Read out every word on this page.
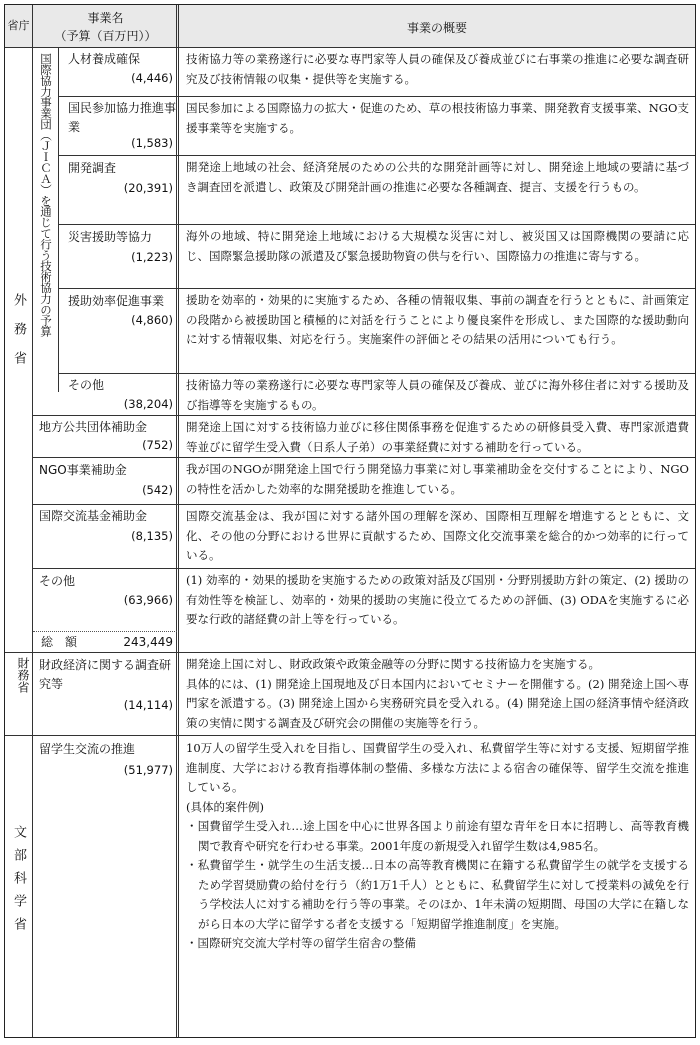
省庁
事業名
（予算（百万円））
事業の概要
外務省
国際協力事業団（ＪＩＣＡ）を通じて行う技術協力の予算	人材養成確保
(4,446)
技術協力等の業務遂行に必要な専門家等人員の確保及び養成並びに右事業の推進に必要な調査研究及び技術情報の収集・提供等を実施する。
国民参加協力推進事業
(1,583)
国民参加による国際協力の拡大・促進のため、草の根技術協力事業、開発教育支援事業、NGO支援事業等を実施する。
開発調査
(20,391)
開発途上地域の社会、経済発展のための公共的な開発計画等に対し、開発途上地域の要請に基づき調査団を派遣し、政策及び開発計画の推進に必要な各種調査、提言、支援を行うもの。
災害援助等協力
(1,223)
海外の地域、特に開発途上地域における大規模な災害に対し、被災国又は国際機関の要請に応じ、国際緊急援助隊の派遣及び緊急援助物資の供与を行い、国際協力の推進に寄与する。
援助効率促進事業
(4,860)
援助を効率的・効果的に実施するため、各種の情報収集、事前の調査を行うとともに、計画策定の段階から被援助国と積極的に対話を行うことにより優良案件を形成し、また国際的な援助動向に対する情報収集、対応を行う。実施案件の評価とその結果の活用についても行う。
その他
(38,204)
技術協力等の業務遂行に必要な専門家等人員の確保及び養成、並びに海外移住者に対する援助及び指導等を実施するもの。
地方公共団体補助金
(752)
開発途上国に対する技術協力並びに移住関係事務を促進するための研修員受入費、専門家派遣費等並びに留学生受入費（日系人子弟）の事業経費に対する補助を行っている。
NGO事業補助金
(542)
我が国のNGOが開発途上国で行う開発協力事業に対し事業補助金を交付することにより、NGOの特性を活かした効率的な開発援助を推進している。
国際交流基金補助金
(8,135)
国際交流基金は、我が国に対する諸外国の理解を深め、国際相互理解を増進するとともに、文化、その他の分野における世界に貢献するため、国際文化交流事業を総合的かつ効率的に行っている。
その他
(63,966)
(1) 効率的・効果的援助を実施するための政策対話及び国別・分野別援助方針の策定、(2) 援助の有効性等を検証し、効率的・効果的援助の実施に役立てるための評価、(3) ODAを実施するに必要な行政的諸経費の計上等を行っている。
総　額	243,449
財務省 財政経済に関する調査研究等
(14,114)
開発途上国に対し、財政政策や政策金融等の分野に関する技術協力を実施する。
具体的には、(1) 開発途上国現地及び日本国内においてセミナーを開催する。(2) 開発途上国へ専門家を派遣する。(3) 開発途上国から実務研究員を受入れる。(4) 開発途上国の経済事情や経済政策の実情に関する調査及び研究会の開催の実施等を行う。
文部科学省
留学生交流の推進
(51,977)
10万人の留学生受入れを目指し、国費留学生の受入れ、私費留学生等に対する支援、短期留学推進制度、大学における教育指導体制の整備、多様な方法による宿舎の確保等、留学生交流を推進している。
(具体的案件例)
・国費留学生受入れ…途上国を中心に世界各国より前途有望な青年を日本に招聘し、高等教育機関で教育や研究を行わせる事業。2001年度の新規受入れ留学生数は4,985名。
・私費留学生・就学生の生活支援…日本の高等教育機関に在籍する私費留学生の就学を支援するため学習奨励費の給付を行う（約1万1千人）とともに、私費留学生に対して授業料の減免を行う学校法人に対する補助を行う等の事業。そのほか、1年未満の短期間、母国の大学に在籍しながら日本の大学に留学する者を支援する「短期留学推進制度」を実施。
・国際研究交流大学村等の留学生宿舎の整備
